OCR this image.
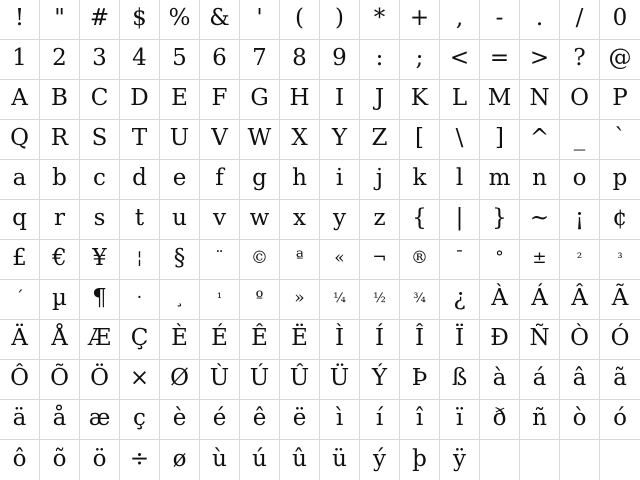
! " # $ % & ' ( ) * + , - . / 0
1 2 3 4 5 6 7 8 9 : ; < = > ? @
A B C D E F G H I J K L M N O P
Q R S T U V W X Y Z [ \ ] ^ _ `
a b c d e f g h i j k l m n o p
q r s t u v w x y z { | } ~ ¡ ¢
£ € ¥ ¦ § ¨ © ª « ¬ ® ¯ ° ± ²	³
´ µ ¶ · ¸	¹ º » ¼ ½ ¾ ¿ À Á Â Ã
Ä Å Æ Ç È É Ê Ë Ì Í Î Ï Ð Ñ Ò Ó
Ô Õ Ö × Ø Ù Ú Û Ü Ý Þ ß à á â ã
ä å æ ç è é ê ë ì í î ï ð ñ ò ó
ô õ ö ÷ ø ù ú û ü ý þ ÿ
